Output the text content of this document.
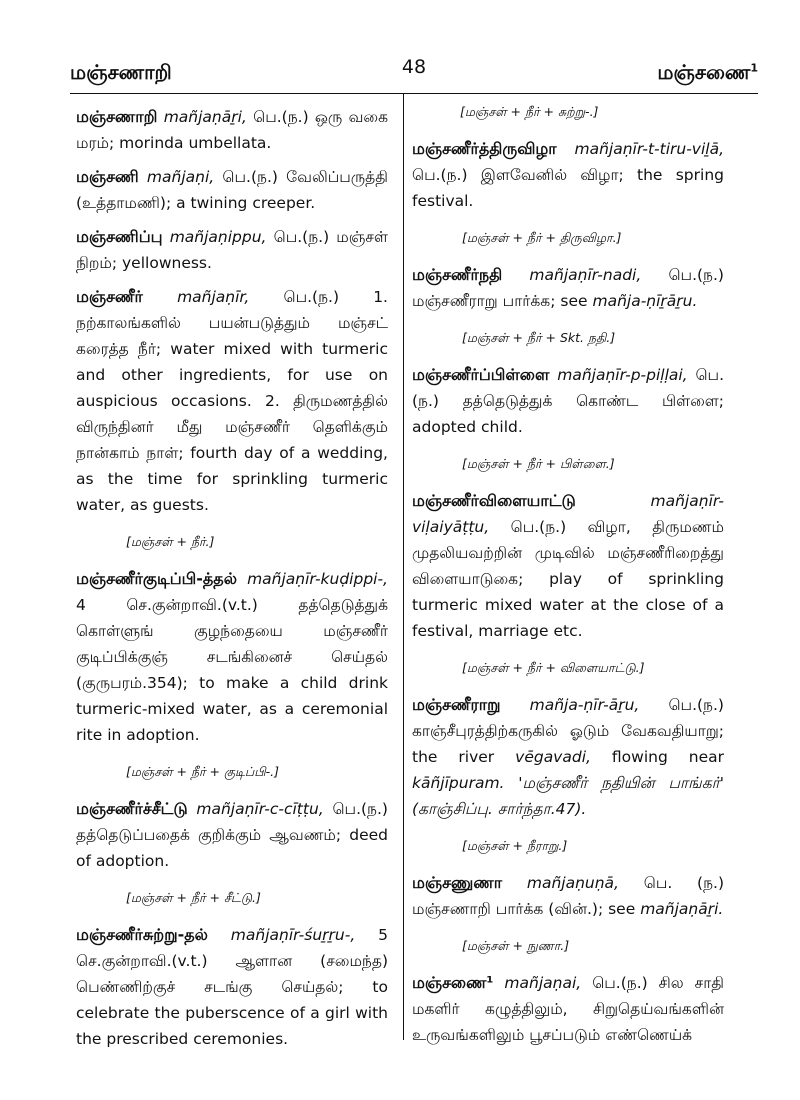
மஞ்சணாறி	48	மஞ்சணை$^1$

மஞ்சணாறி mañjaṇāṟi, பெ.(ந.) ஒரு வகை மரம்; morinda umbellata.

மஞ்சணி mañjaṇi, பெ.(ந.) வேலிப்பருத்தி (உத்தாமணி); a twining creeper.

மஞ்சணிப்பு mañjaṇippu, பெ.(ந.) மஞ்சள் நிறம்; yellowness.

மஞ்சணீர் mañjaṇīr, பெ.(ந.) 1. நற்காலங்களில் பயன்படுத்தும் மஞ்சட் கரைத்த நீர்; water mixed with turmeric and other ingredients, for use on auspicious occasions. 2. திருமணத்தில் விருந்தினர் மீது மஞ்சணீர் தெளிக்கும் நான்காம் நாள்; fourth day of a wedding, as the time for sprinkling turmeric water, as guests.

[மஞ்சள் + நீர்.]

மஞ்சணீர்குடிப்பி-த்தல் mañjaṇīr-kuḍippi-, 4 செ.குன்றாவி.(v.t.) தத்தெடுத்துக் கொள்ளுங் குழந்தையை மஞ்சணீர் குடிப்பிக்குஞ் சடங்கினைச் செய்தல் (குருபரம்.354); to make a child drink turmeric-mixed water, as a ceremonial rite in adoption.

[மஞ்சள் + நீர் + குடிப்பி-.]

மஞ்சணீர்ச்சீட்டு mañjaṇīr-c-cīṭṭu, பெ.(ந.) தத்தெடுப்பதைக் குறிக்கும் ஆவணம்; deed of adoption.

[மஞ்சள் + நீர் + சீட்டு.]

மஞ்சணீர்சுற்று-தல் mañjaṇīr-śuṟṟu-, 5 செ.குன்றாவி.(v.t.) ஆளான (சமைந்த) பெண்ணிற்குச் சடங்கு செய்தல்; to celebrate the puberscence of a girl with the prescribed ceremonies.

[மஞ்சள் + நீர் + சுற்று-.]

மஞ்சணீர்த்திருவிழா mañjaṇīr-t-tiru-viḻā, பெ.(ந.) இளவேனில் விழா; the spring festival.

[மஞ்சள் + நீர் + திருவிழா.]

மஞ்சணீர்நதி mañjaṇīr-nadi, பெ.(ந.) மஞ்சணீராறு பார்க்க; see mañja-ṇīṟāṟu.

[மஞ்சள் + நீர் + Skt. நதி.]

மஞ்சணீர்ப்பிள்ளை mañjaṇīr-p-piḷḷai, பெ.(ந.) தத்தெடுத்துக் கொண்ட பிள்ளை; adopted child.

[மஞ்சள் + நீர் + பிள்ளை.]

மஞ்சணீர்விளையாட்டு	mañjaṇīr-viḷaiyāṭṭu, பெ.(ந.) விழா, திருமணம் முதலியவற்றின் முடிவில் மஞ்சணீரிறைத்து விளையாடுகை; play of sprinkling turmeric mixed water at the close of a festival, marriage etc.

[மஞ்சள் + நீர் + விளையாட்டு.]

மஞ்சணீராறு mañja-ṇīr-āṟu, பெ.(ந.) காஞ்சீபுரத்திற்கருகில் ஓடும் வேகவதியாறு; the river vēgavadi, flowing near kāñjīpuram. 'மஞ்சணீர் நதியின் பாங்கர்' (காஞ்சிப்பு. சார்ந்தா.47).

[மஞ்சள் + நீராறு.]

மஞ்சணுணா mañjaṇuṇā, பெ. (ந.) மஞ்சணாறி பார்க்க (வின்.); see mañjaṇāṟi.

[மஞ்சள் + நுணா.]

மஞ்சணை¹ mañjaṇai, பெ.(ந.) சில சாதி மகளிர் கழுத்திலும், சிறுதெய்வங்களின் உருவங்களிலும் பூசப்படும் எண்ணெய்க்
